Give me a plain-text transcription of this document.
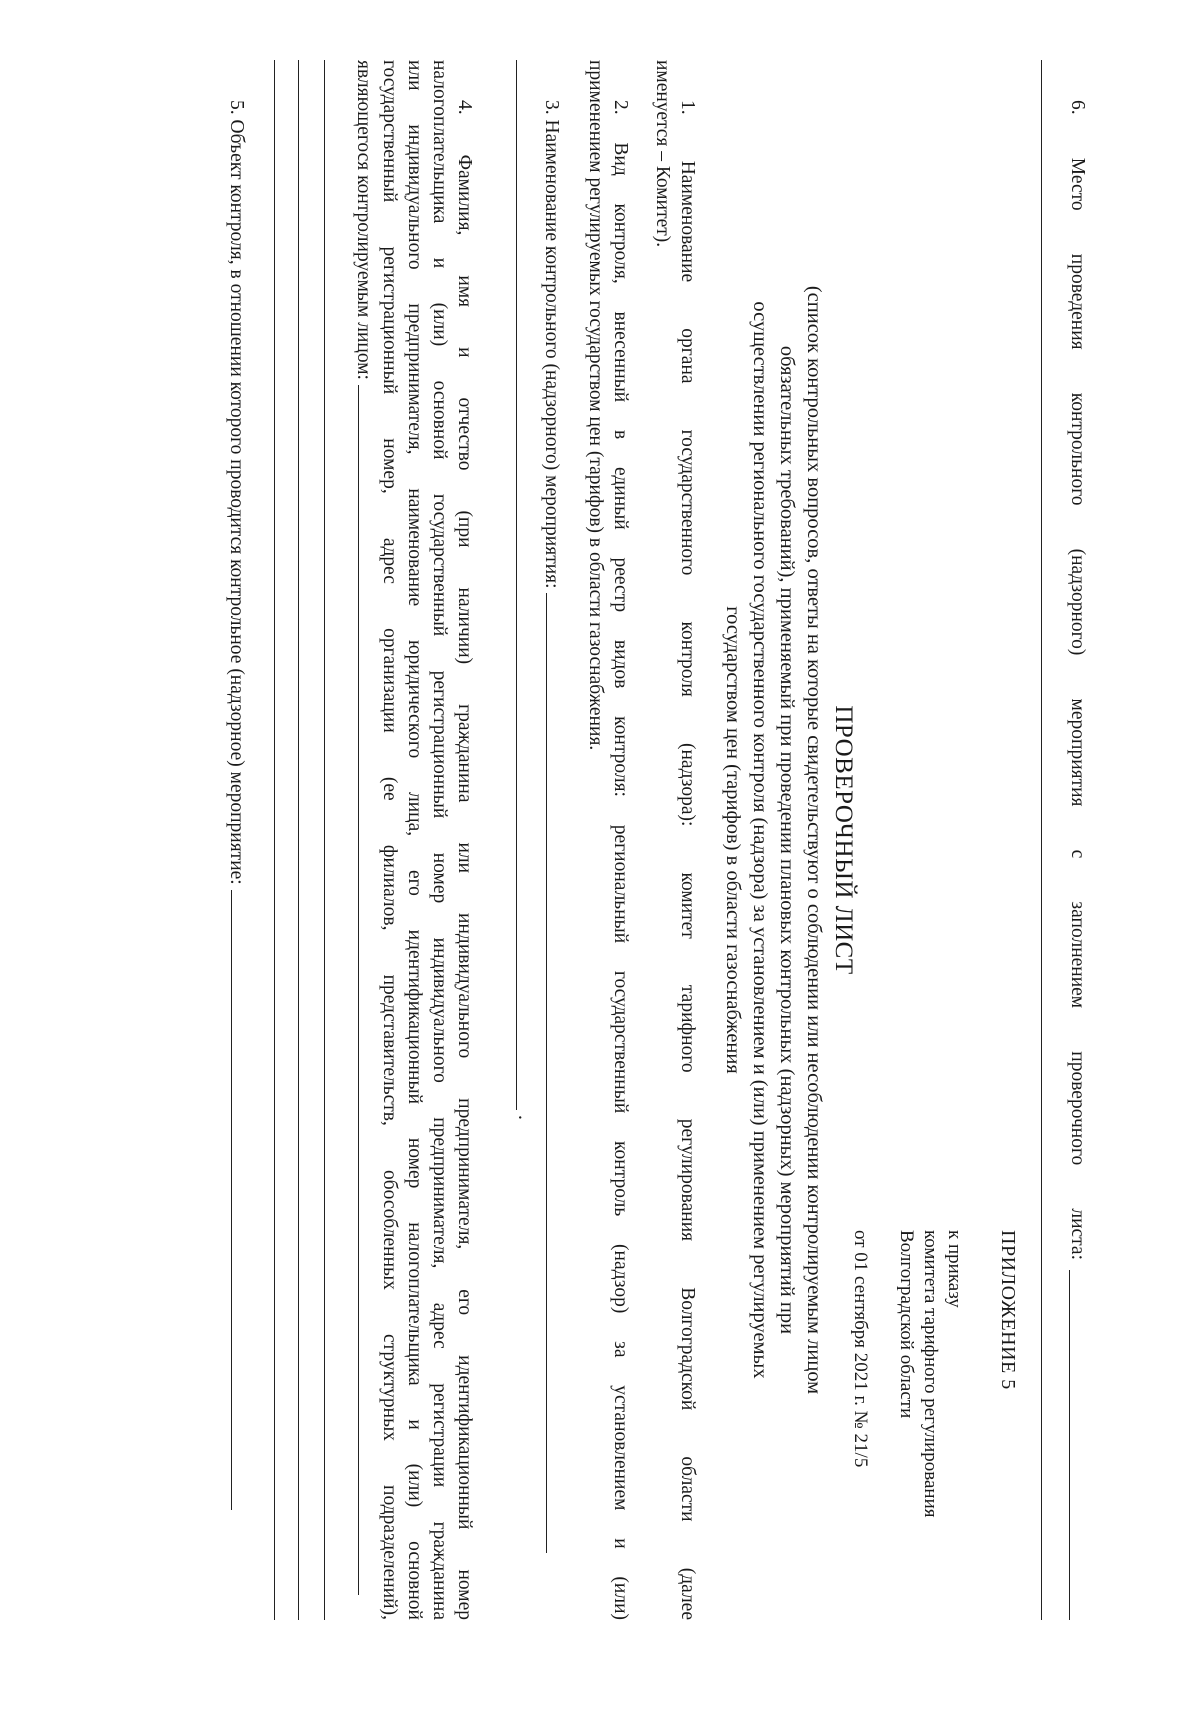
ПРИЛОЖЕНИЕ 5
к приказу
комитета тарифного регулирования
Волгоградской области
от 01 сентября 2021 г. № 21/5
ПРОВЕРОЧНЫЙ ЛИСТ
(список контрольных вопросов, ответы на которые свидетельствуют о соблюдении или несоблюдении контролируемым лицом
обязательных требований), применяемый при проведении плановых контрольных (надзорных) мероприятий при
осуществлении регионального государственного контроля (надзора) за установлением и (или) применением регулируемых
государством цен (тарифов) в области газоснабжения
1. Наименование органа государственного контроля (надзора): комитет тарифного регулирования Волгоградской области (далее
именуется – Комитет).
2. Вид контроля, внесенный в единый реестр видов контроля: региональный государственный контроль (надзор) за установлением и (или)
применением регулируемых государством цен (тарифов) в области газоснабжения.
3. Наименование контрольного (надзорного) мероприятия:
.
4. Фамилия, имя и отчество (при наличии) гражданина или индивидуального предпринимателя, его идентификационный номер
налогоплательщика и (или) основной государственный регистрационный номер индивидуального предпринимателя, адрес регистрации гражданина
или индивидуального предпринимателя, наименование юридического лица, его идентификационный номер налогоплательщика и (или) основной
государственный регистрационный номер, адрес организации (ее филиалов, представительств, обособленных структурных подразделений),
являющегося контролируемым лицом:
5. Объект контроля, в отношении которого проводится контрольное (надзорное) мероприятие:	6. Место проведения контрольного (надзорного) мероприятия с заполнением проверочного листа:
